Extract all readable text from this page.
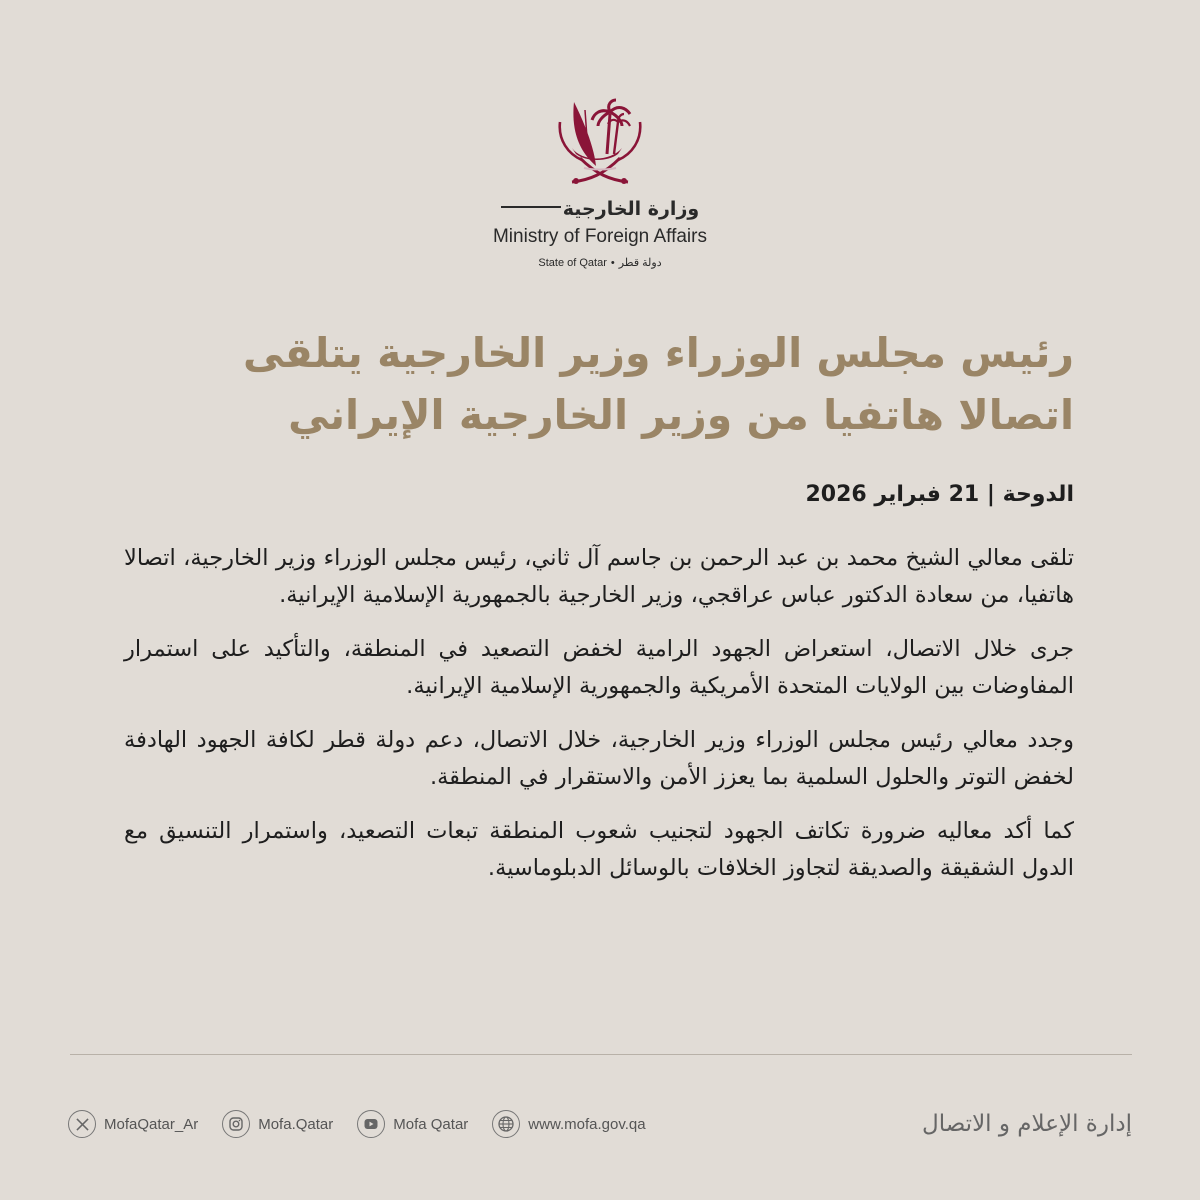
وزارة الخارجية
Ministry of Foreign Affairs
State of Qatar • دولة قطر
رئيس مجلس الوزراء وزير الخارجية يتلقى
اتصالا هاتفيا من وزير الخارجية الإيراني
الدوحة | 21 فبراير 2026

تلقى معالي الشيخ محمد بن عبد الرحمن بن جاسم آل ثاني، رئيس مجلس الوزراء وزير الخارجية، اتصالا هاتفيا، من سعادة الدكتور عباس عراقجي، وزير الخارجية بالجمهورية الإسلامية الإيرانية.

جرى خلال الاتصال، استعراض الجهود الرامية لخفض التصعيد في المنطقة، والتأكيد على استمرار المفاوضات بين الولايات المتحدة الأمريكية والجمهورية الإسلامية الإيرانية.

وجدد معالي رئيس مجلس الوزراء وزير الخارجية، خلال الاتصال، دعم دولة قطر لكافة الجهود الهادفة لخفض التوتر والحلول السلمية بما يعزز الأمن والاستقرار في المنطقة.

كما أكد معاليه ضرورة تكاتف الجهود لتجنيب شعوب المنطقة تبعات التصعيد، واستمرار التنسيق مع الدول الشقيقة والصديقة لتجاوز الخلافات بالوسائل الدبلوماسية.

MofaQatar_Ar	Mofa.Qatar	Mofa Qatar	www.mofa.gov.qa	إدارة الإعلام و الاتصال
